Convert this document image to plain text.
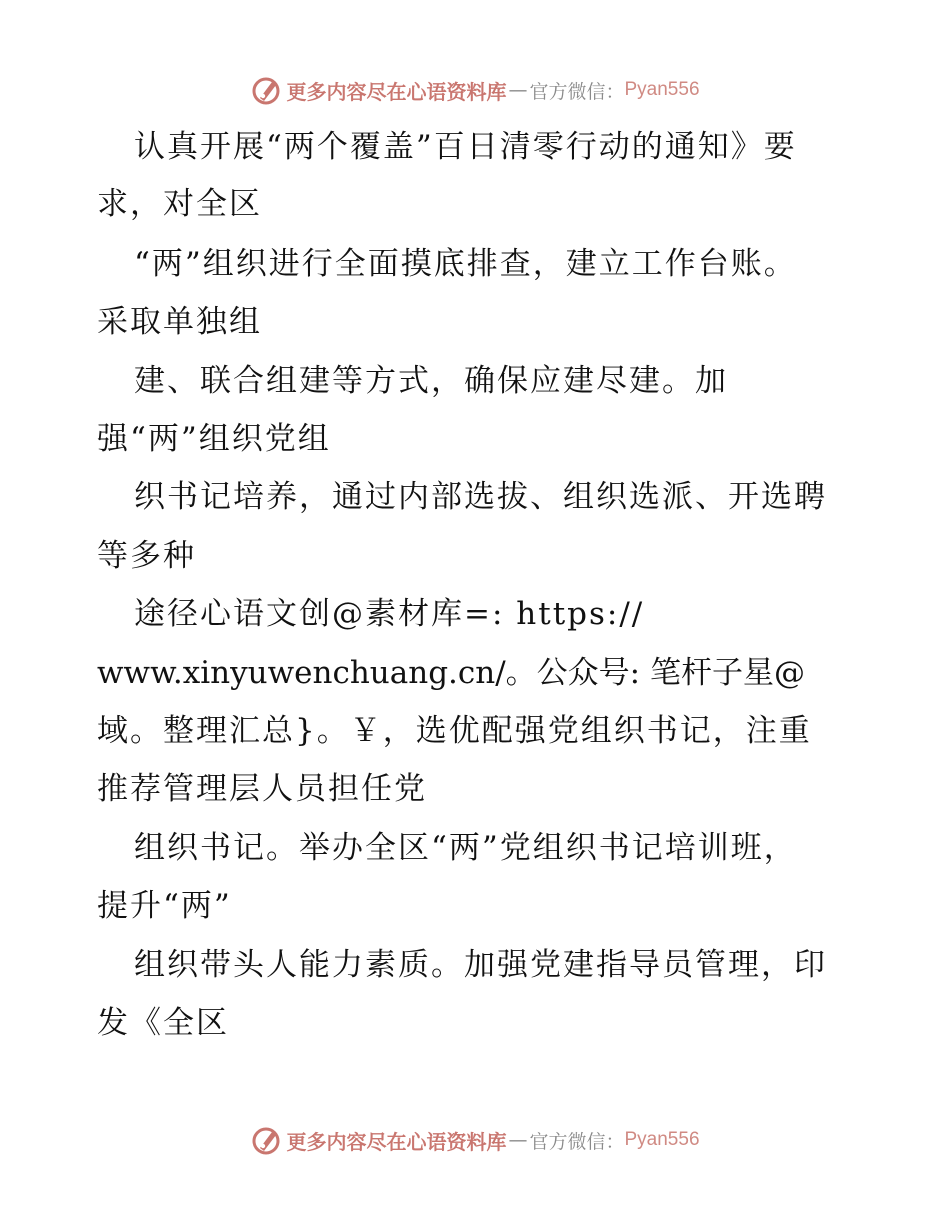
更多内容尽在心语资料库 — 官方微信： Pyan556
认真开展“两个覆盖”百日清零行动的通知》要
求，对全区
“两”组织进行全面摸底排查，建立工作台账。
采取单独组
建、联合组建等方式，确保应建尽建。加
强“两”组织党组
织书记培养，通过内部选拔、组织选派、开选聘
等多种
途径心语文创@素材库=: https://
www.xinyuwenchuang.cn/。公众号: 笔杆子星@
域。整理汇总}。￥，选优配强党组织书记，注重
推荐管理层人员担任党
组织书记。举办全区“两”党组织书记培训班，
提升“两”
组织带头人能力素质。加强党建指导员管理，印
发《全区
更多内容尽在心语资料库 — 官方微信： Pyan556
